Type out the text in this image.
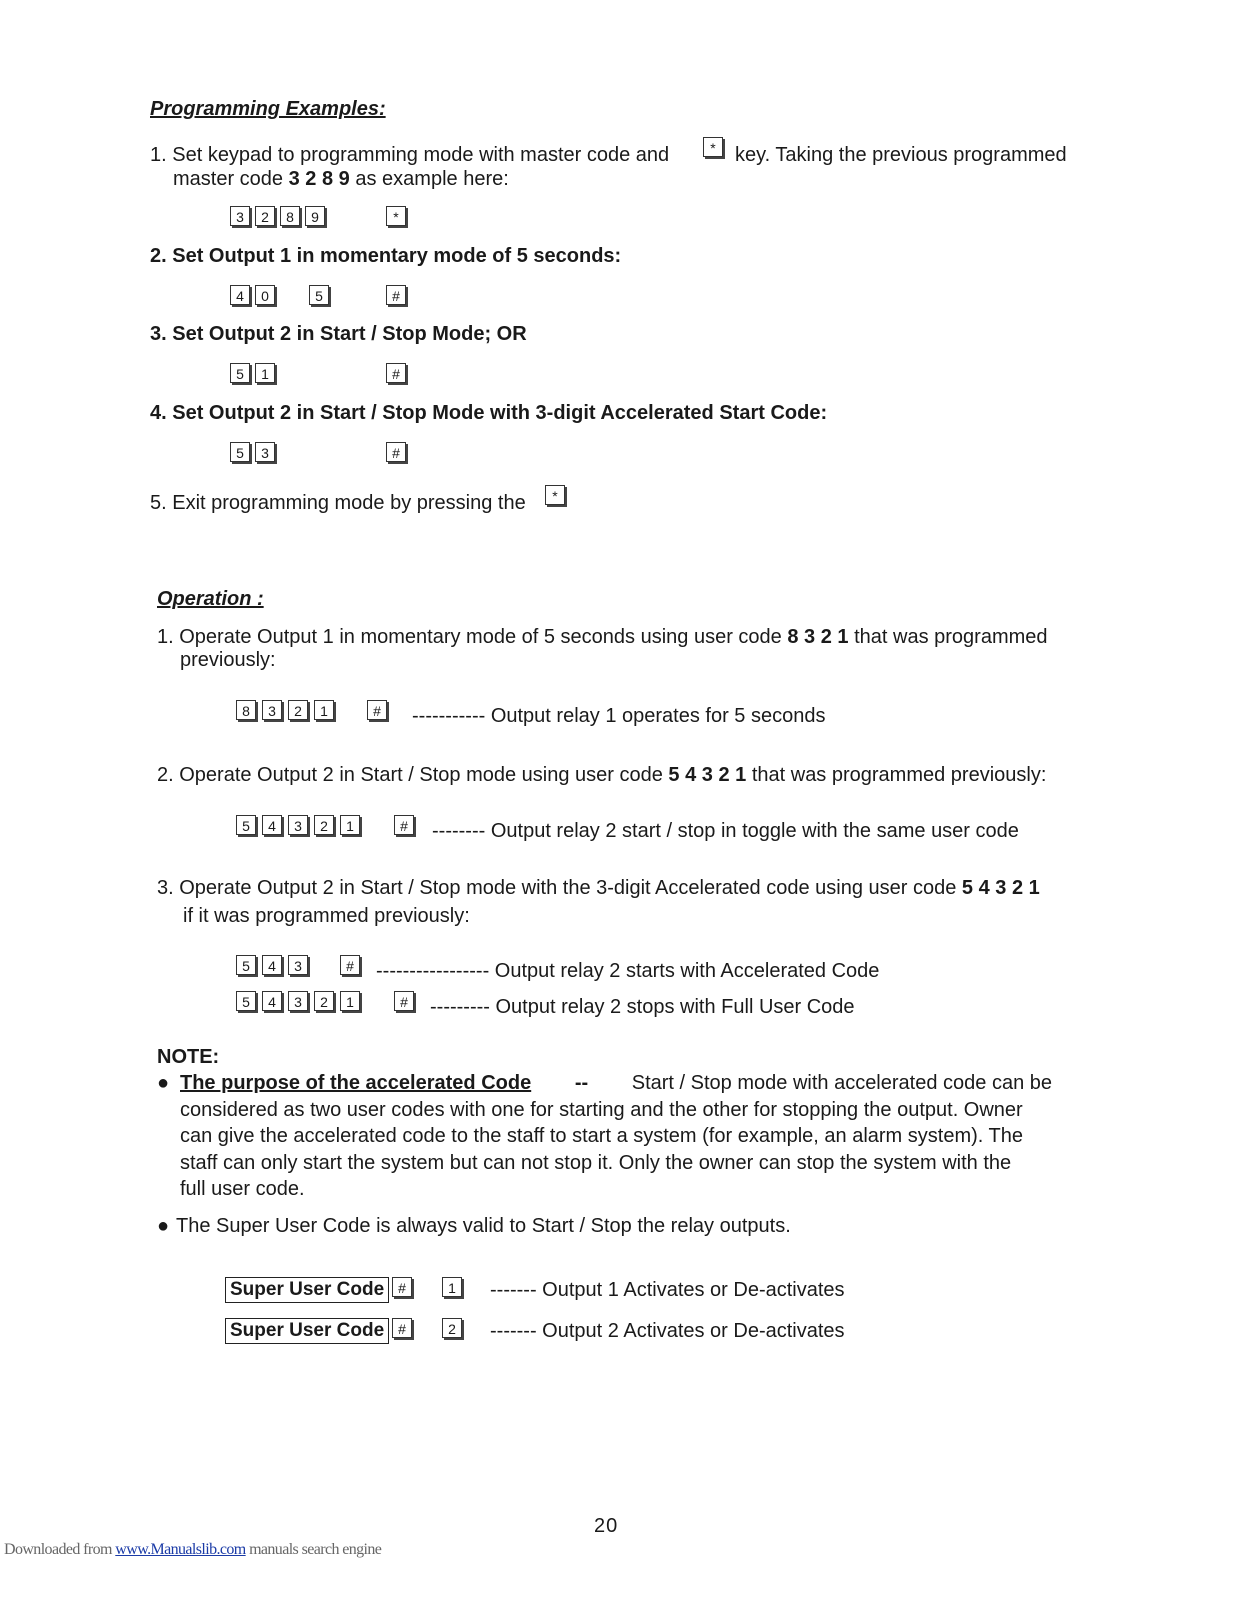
Programming Examples:
1. Set keypad to programming mode with master code and	* key. Taking the previous programmed
master code 3 2 8 9 as example here:
3	2	8	9	*
2. Set Output 1 in momentary mode of 5 seconds:
4	0	5	#
3. Set Output 2 in Start / Stop Mode; OR
5	1	#
4. Set Output 2 in Start / Stop Mode with 3-digit Accelerated Start Code:
5	3	#
5. Exit programming mode by pressing the	*
Operation :
1. Operate Output 1 in momentary mode of 5 seconds using user code 8 3 2 1 that was programmed
previously:
8	3	2	1	#	----------- Output relay 1 operates for 5 seconds
2. Operate Output 2 in Start / Stop mode using user code 5 4 3 2 1 that was programmed previously:
5	4	3	2	1	#	-------- Output relay 2 start / stop in toggle with the same user code
3. Operate Output 2 in Start / Stop mode with the 3-digit Accelerated code using user code 5 4 3 2 1
if it was programmed previously:
5	4	3	#	----------------- Output relay 2 starts with Accelerated Code
5	4	3	2	1	#	--------- Output relay 2 stops with Full User Code
NOTE:
● The purpose of the accelerated Code -- Start / Stop mode with accelerated code can be
considered as two user codes with one for starting and the other for stopping the output. Owner
can give the accelerated code to the staff to start a system (for example, an alarm system). The
staff can only start the system but can not stop it. Only the owner can stop the system with the
full user code.
● The Super User Code is always valid to Start / Stop the relay outputs.
Super User Code #	1	------- Output 1 Activates or De-activates
Super User Code #	2	------- Output 2 Activates or De-activates
20
Downloaded from www.Manualslib.com manuals search engine
